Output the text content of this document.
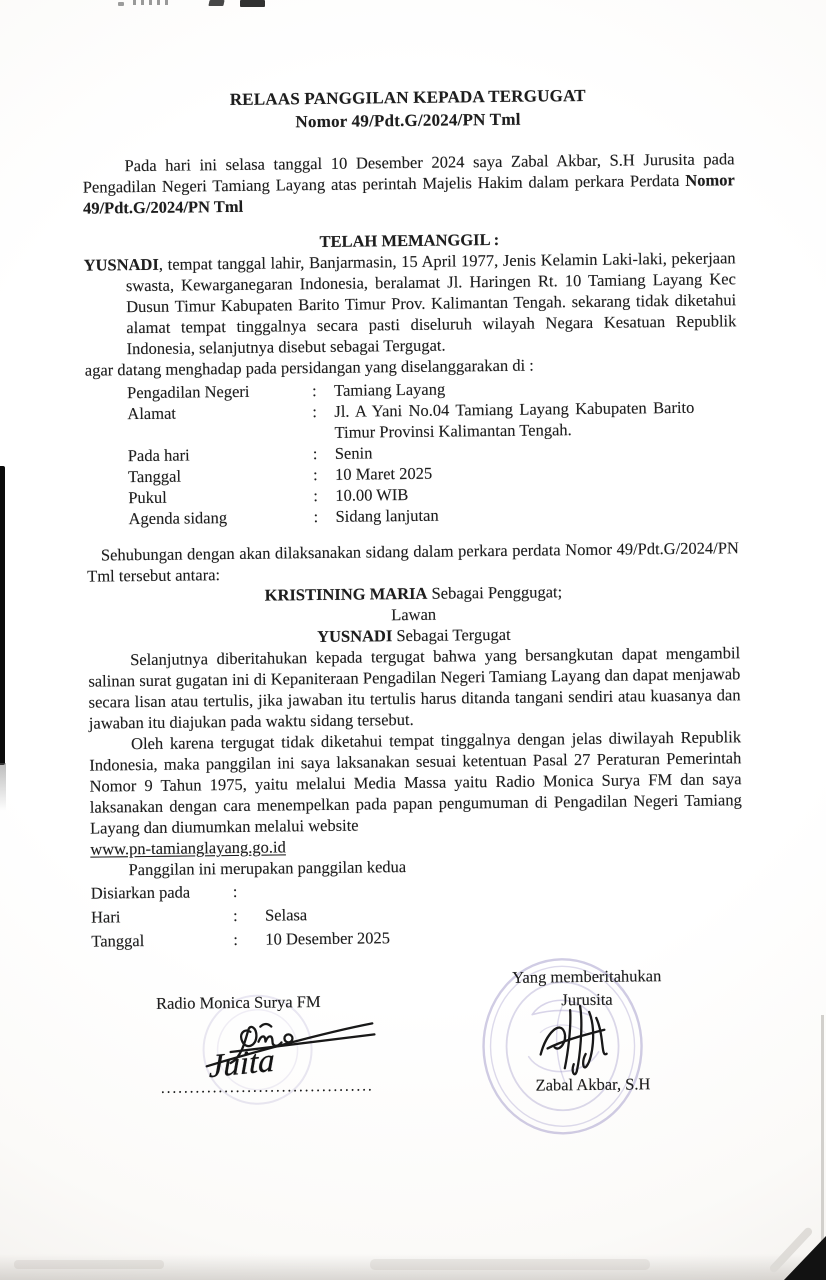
RELAAS PANGGILAN KEPADA TERGUGAT
Nomor 49/Pdt.G/2024/PN Tml

Pada hari ini selasa tanggal 10 Desember 2024 saya Zabal Akbar, S.H Jurusita pada Pengadilan Negeri Tamiang Layang atas perintah Majelis Hakim dalam perkara Perdata Nomor 49/Pdt.G/2024/PN Tml

TELAH MEMANGGIL :

YUSNADI, tempat tanggal lahir, Banjarmasin, 15 April 1977, Jenis Kelamin Laki-laki, pekerjaan swasta, Kewarganegaran Indonesia, beralamat Jl. Haringen Rt. 10 Tamiang Layang Kec Dusun Timur Kabupaten Barito Timur Prov. Kalimantan Tengah. sekarang tidak diketahui alamat tempat tinggalnya secara pasti diseluruh wilayah Negara Kesatuan Republik Indonesia, selanjutnya disebut sebagai Tergugat.

agar datang menghadap pada persidangan yang diselanggarakan di :

Pengadilan Negeri	:	Tamiang Layang
Alamat	:	Jl. A Yani No.04 Tamiang Layang Kabupaten Barito Timur Provinsi Kalimantan Tengah.
Pada hari	:	Senin
Tanggal	:	10 Maret 2025
Pukul	:	10.00 WIB
Agenda sidang	:	Sidang lanjutan

Sehubungan dengan akan dilaksanakan sidang dalam perkara perdata Nomor 49/Pdt.G/2024/PN Tml tersebut antara:

KRISTINING MARIA Sebagai Penggugat;

Lawan

YUSNADI Sebagai Tergugat

Selanjutnya diberitahukan kepada tergugat bahwa yang bersangkutan dapat mengambil salinan surat gugatan ini di Kepaniteraan Pengadilan Negeri Tamiang Layang dan dapat menjawab secara lisan atau tertulis, jika jawaban itu tertulis harus ditanda tangani sendiri atau kuasanya dan jawaban itu diajukan pada waktu sidang tersebut.

Oleh karena tergugat tidak diketahui tempat tinggalnya dengan jelas diwilayah Republik Indonesia, maka panggilan ini saya laksanakan sesuai ketentuan Pasal 27 Peraturan Pemerintah Nomor 9 Tahun 1975, yaitu melalui Media Massa yaitu Radio Monica Surya FM dan saya laksanakan dengan cara menempelkan pada papan pengumuman di Pengadilan Negeri Tamiang Layang dan diumumkan melalui website

www.pn-tamianglayang.go.id

Panggilan ini merupakan panggilan kedua

Disiarkan pada	:
Hari	:	Selasa
Tanggal	:	10 Desember 2025
Yang memberitahukan
Jurusita
Zabal Akbar, S.H
Radio Monica Surya FM
.....................................
Juita
